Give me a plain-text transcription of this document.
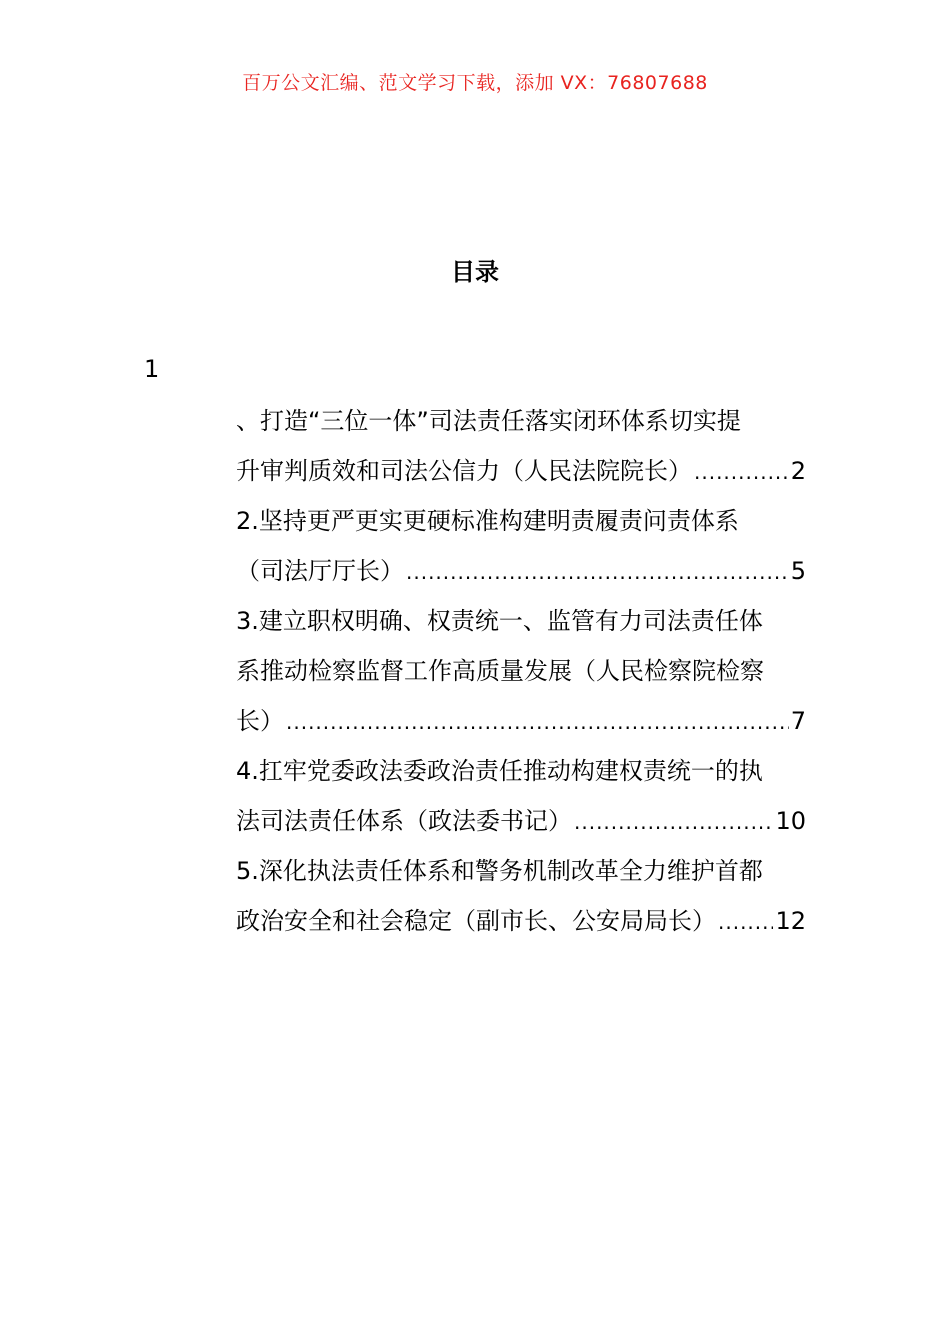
百万公文汇编、范文学习下载，添加 VX：76807688
目录
1
、打造“三位一体”司法责任落实闭环体系切实提
升审判质效和司法公信力（人民法院院长） .....	2
2.坚持更严更实更硬标准构建明责履责问责体系
（司法厅厅长） .....	5
3.建立职权明确、权责统一、监管有力司法责任体
系推动检察监督工作高质量发展（人民检察院检察
长） .....	7
4.扛牢党委政法委政治责任推动构建权责统一的执
法司法责任体系（政法委书记） .....	10
5.深化执法责任体系和警务机制改革全力维护首都
政治安全和社会稳定（副市长、公安局局长） ..... 12
